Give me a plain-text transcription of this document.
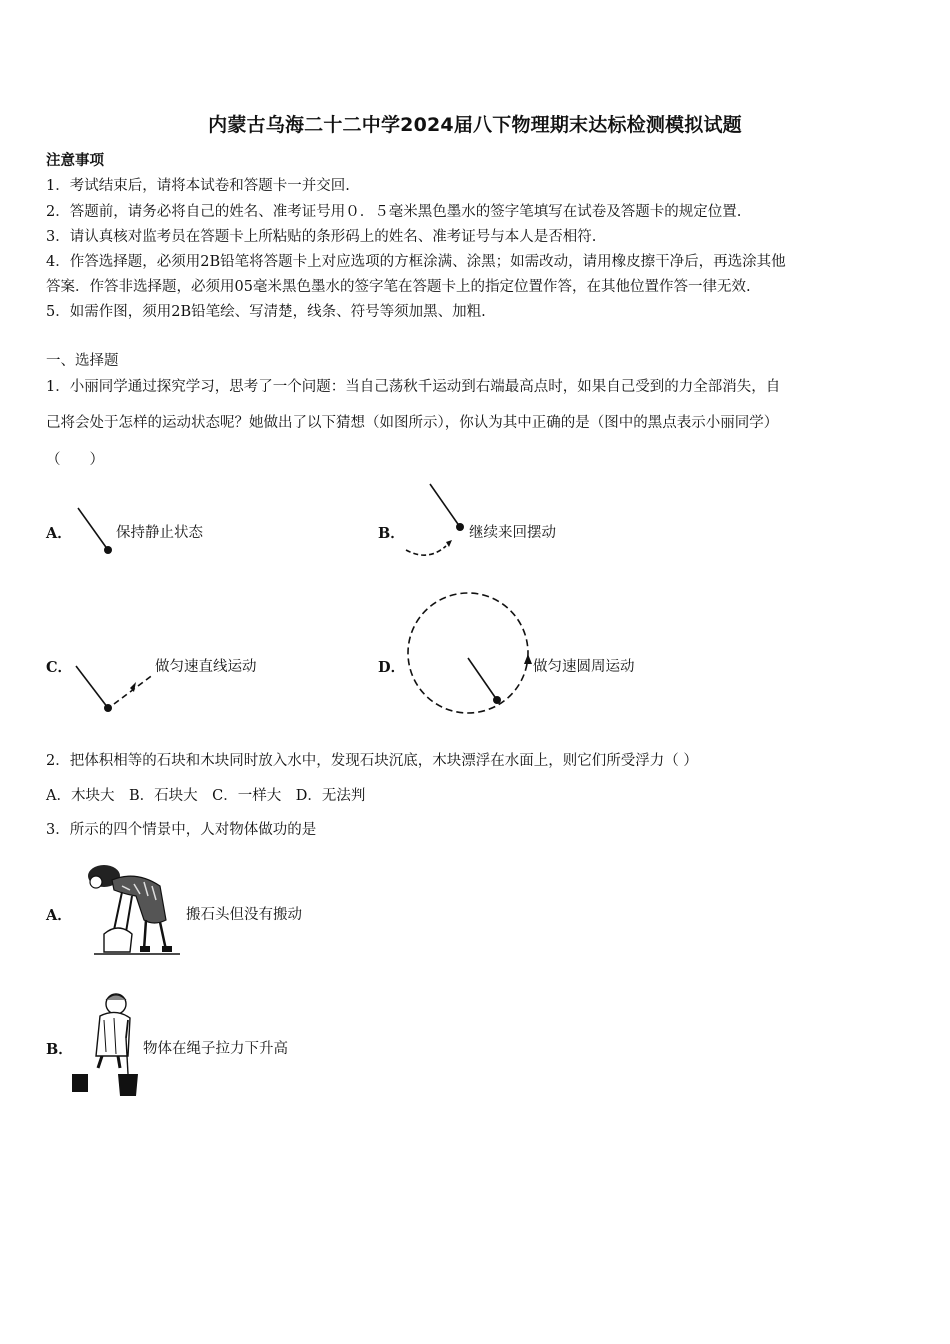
内蒙古乌海二十二中学2024届八下物理期末达标检测模拟试题
注意事项
1．考试结束后，请将本试卷和答题卡一并交回.
2．答题前，请务必将自己的姓名、准考证号用０．５毫米黑色墨水的签字笔填写在试卷及答题卡的规定位置.
3．请认真核对监考员在答题卡上所粘贴的条形码上的姓名、准考证号与本人是否相符.
4．作答选择题，必须用2B铅笔将答题卡上对应选项的方框涂满、涂黑；如需改动，请用橡皮擦干净后，再选涂其他
答案．作答非选择题，必须用05毫米黑色墨水的签字笔在答题卡上的指定位置作答，在其他位置作答一律无效.
5．如需作图，须用2B铅笔绘、写清楚，线条、符号等须加黑、加粗.
一、选择题
1．小丽同学通过探究学习，思考了一个问题：当自己荡秋千运动到右端最高点时，如果自己受到的力全部消失，自
己将会处于怎样的运动状态呢？她做出了以下猜想（如图所示），你认为其中正确的是（图中的黑点表示小丽同学）
（　　）
A．	保持静止状态	B．	继续来回摆动
C．	做匀速直线运动	D．	做匀速圆周运动
2．把体积相等的石块和木块同时放入水中，发现石块沉底，木块漂浮在水面上，则它们所受浮力（ ）
A．木块大　B．石块大　C．一样大　D．无法判
3．所示的四个情景中，人对物体做功的是
A．	搬石头但没有搬动
B．	物体在绳子拉力下升高
